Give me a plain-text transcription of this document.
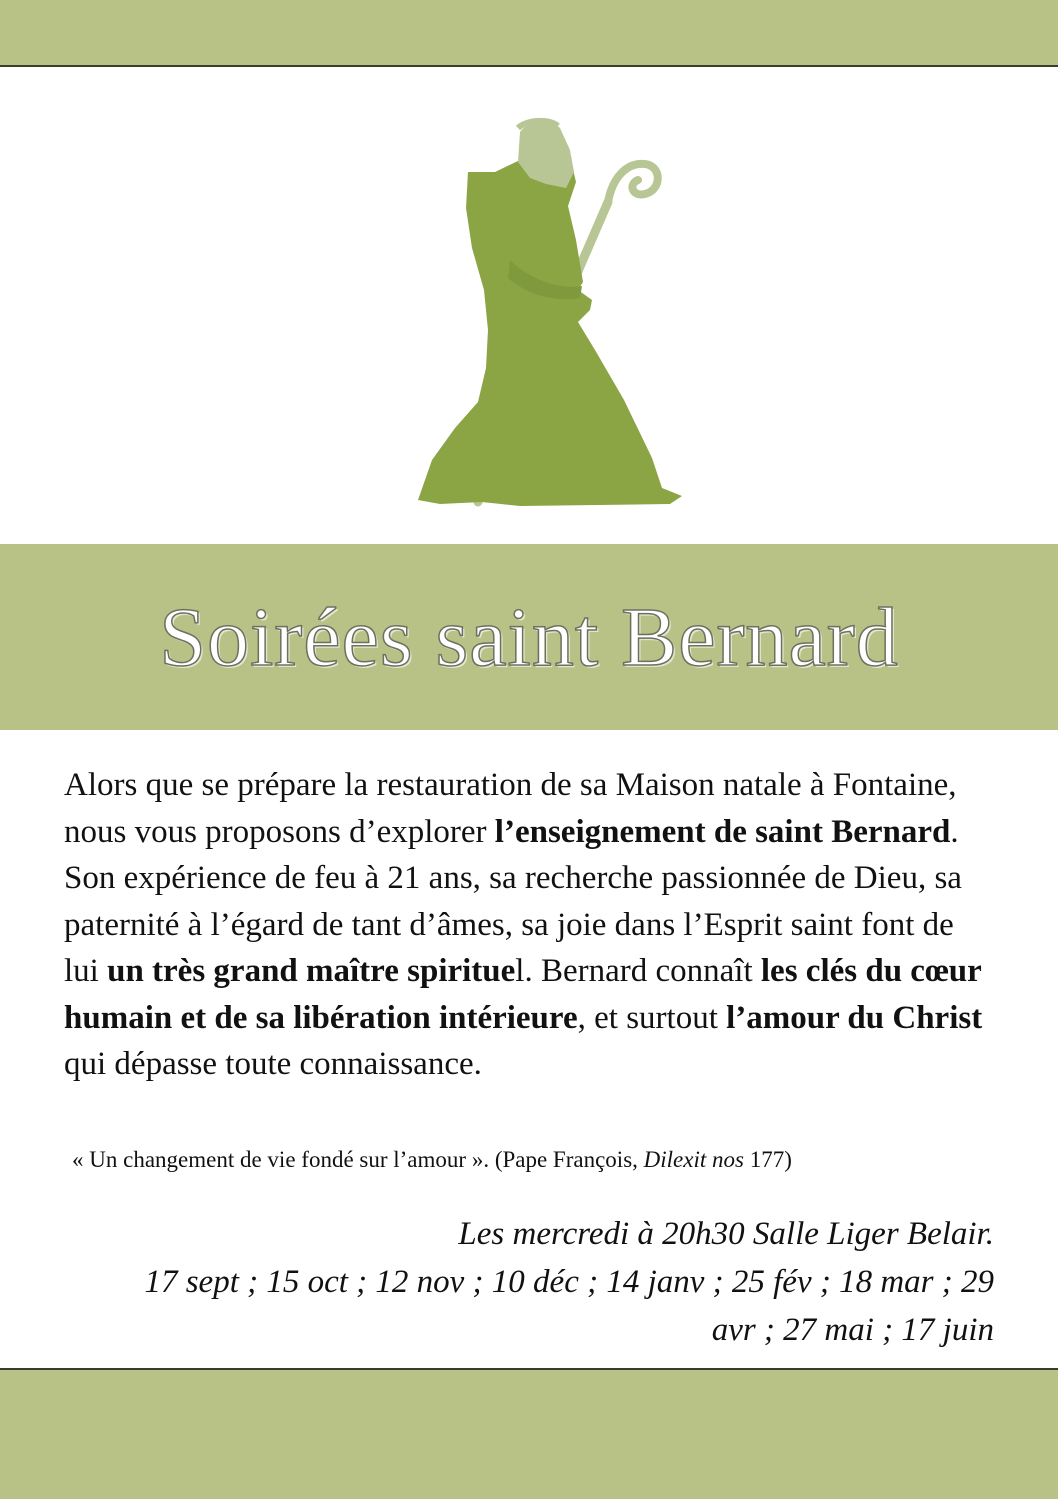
Soirées saint Bernard

Alors que se prépare la restauration de sa Maison natale à Fontaine, nous vous proposons d’explorer l’enseignement de saint Bernard. Son expérience de feu à 21 ans, sa recherche passionnée de Dieu, sa paternité à l’égard de tant d’âmes, sa joie dans l’Esprit saint font de lui un très grand maître spirituel. Bernard connaît les clés du cœur humain et de sa libération intérieure, et surtout l’amour du Christ qui dépasse toute connaissance.

« Un changement de vie fondé sur l’amour ». (Pape François, Dilexit nos 177)

Les mercredi à 20h30 Salle Liger Belair.
17 sept ; 15 oct ; 12 nov ; 10 déc ; 14 janv ; 25 fév ; 18 mar ; 29 avr ; 27 mai ; 17 juin
